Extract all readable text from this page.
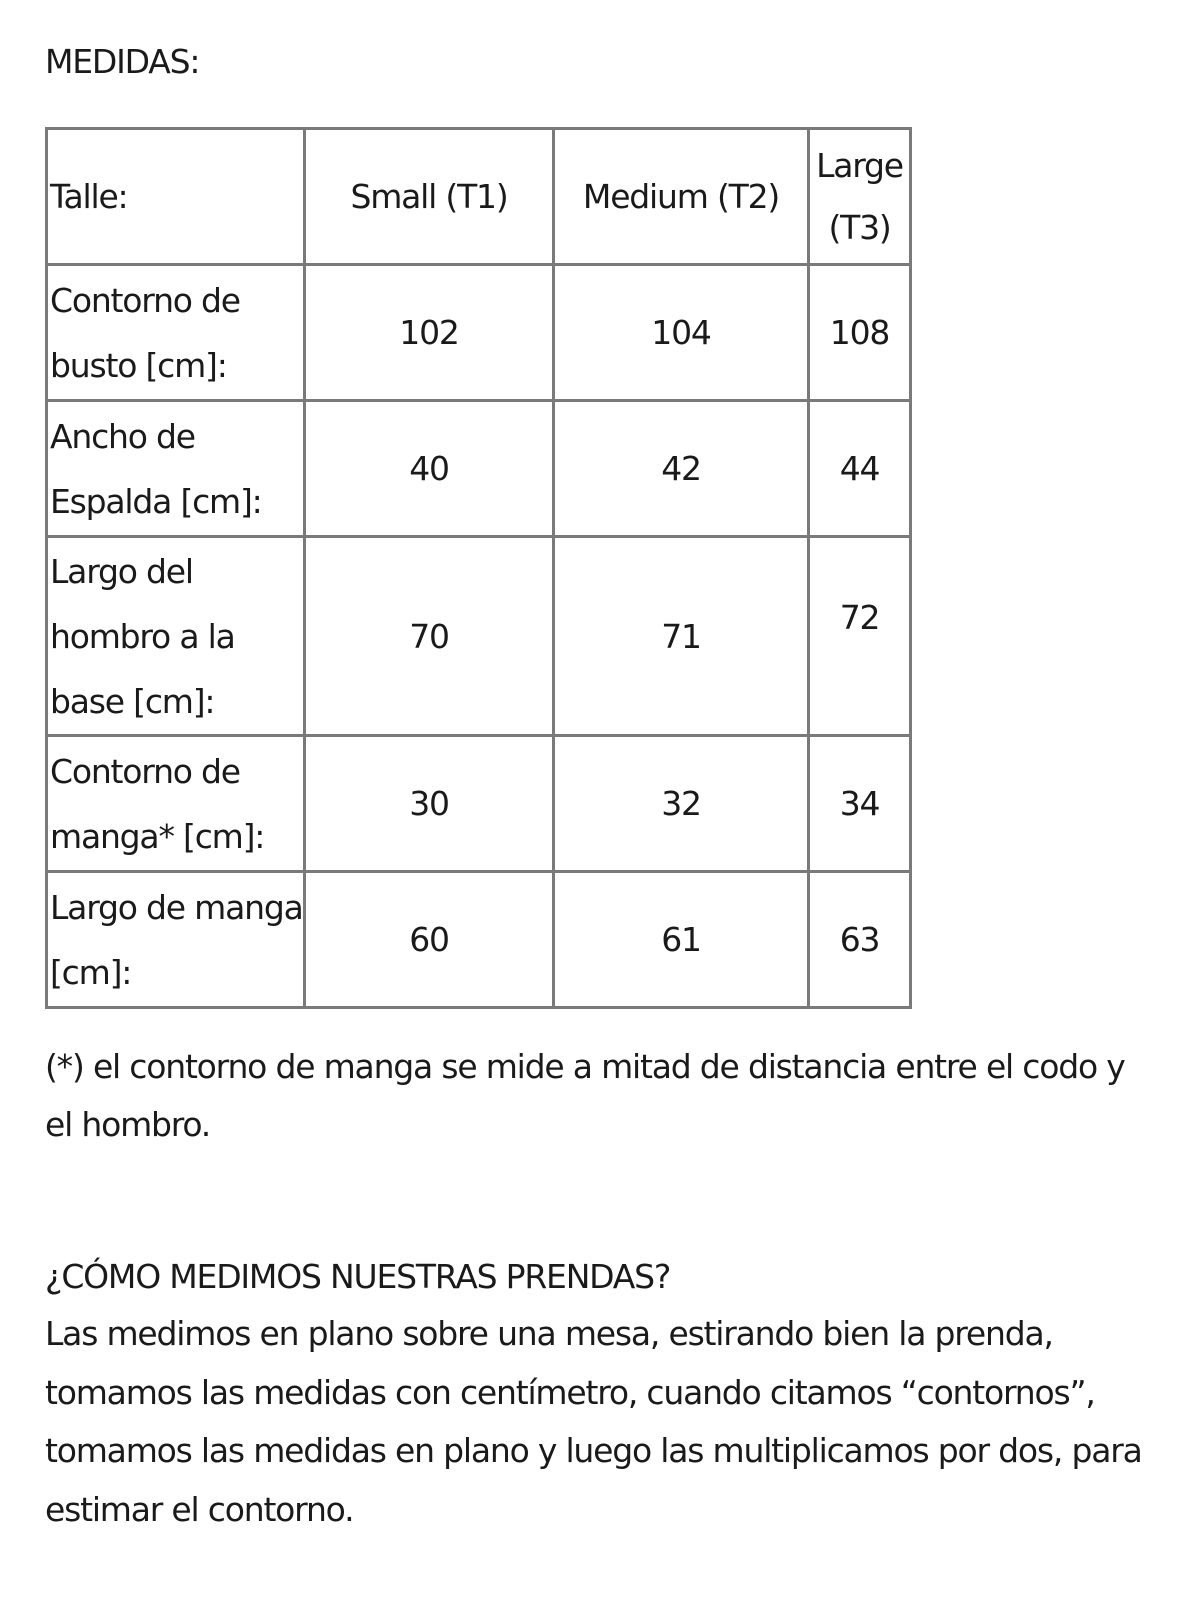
MEDIDAS:
Talle:	Small (T1)	Medium (T2)	Large (T3)
Contorno de busto [cm]:	102	104	108
Ancho de Espalda [cm]:	40	42	44
Largo del hombro a la base [cm]:	70	71	72
Contorno de manga* [cm]:	30	32	34
Largo de manga [cm]:	60	61	63

(*) el contorno de manga se mide a mitad de distancia entre el codo y el hombro.

¿CÓMO MEDIMOS NUESTRAS PRENDAS?

Las medimos en plano sobre una mesa, estirando bien la prenda, tomamos las medidas con centímetro, cuando citamos “contornos”, tomamos las medidas en plano y luego las multiplicamos por dos, para estimar el contorno.
